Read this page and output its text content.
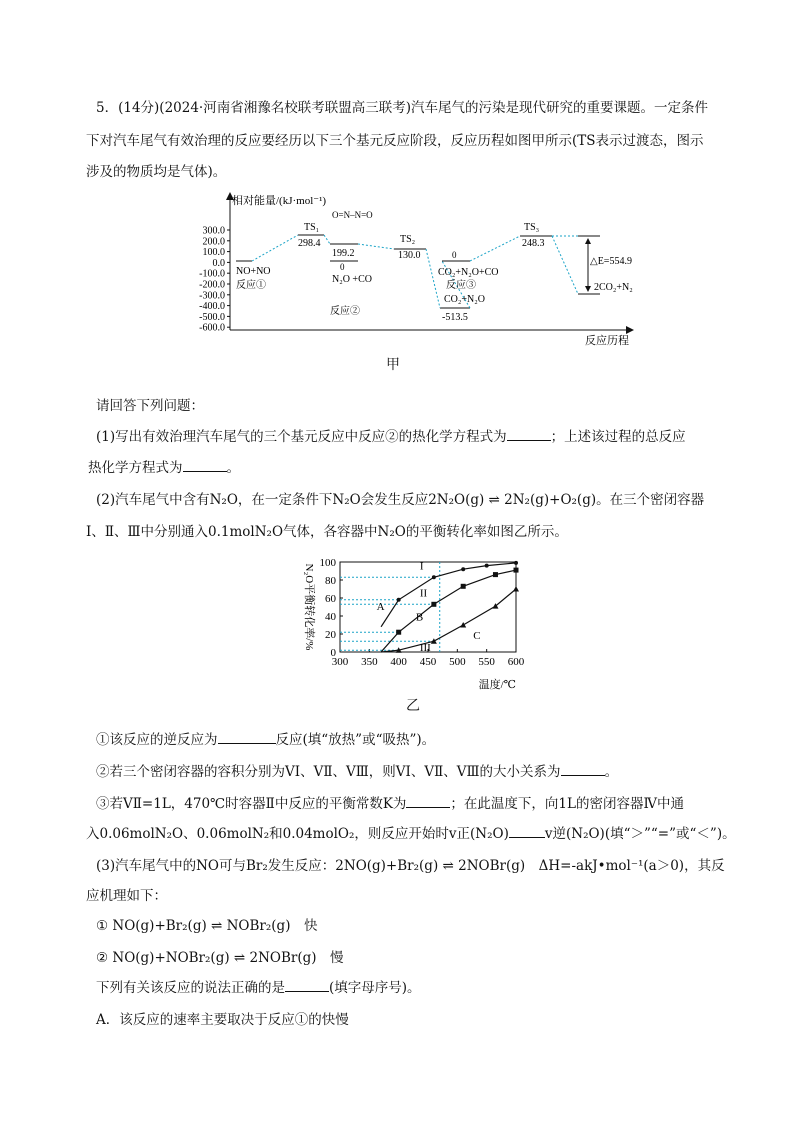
5．(14分)(2024·河南省湘豫名校联考联盟高三联考)汽车尾气的污染是现代研究的重要课题。一定条件
下对汽车尾气有效治理的反应要经历以下三个基元反应阶段，反应历程如图甲所示(TS表示过渡态，图示
涉及的物质均是气体)。
相对能量/(kJ·mol⁻¹)
反应历程
300.0
200.0
100.0
0.0
-100.0
-200.0
-300.0
-400.0
-500.0
-600.0
NO+NO
反应①
TS₁
298.4
O=N–N=O
199.2
TS₂
130.0
0
N₂O +CO
反应②
CO₂+N₂O
-513.5
0
CO₂+N₂O+CO
反应③
TS₃
248.3
2CO₂+N₂
△E=554.9
甲
请回答下列问题：
(1)写出有效治理汽车尾气的三个基元反应中反应②的热化学方程式为	；上述该过程的总反应
热化学方程式为	。
(2)汽车尾气中含有N₂O，在一定条件下N₂O会发生反应2N₂O(g) ⇌ 2N₂(g)+O₂(g)。在三个密闭容器
Ⅰ、Ⅱ、Ⅲ中分别通入0.1molN₂O气体，各容器中N₂O的平衡转化率如图乙所示。
300 350 400 450 500 550 600
0
20
40
60
80
100
N₂O平衡转化率/%
温度/℃
I
II
III
A
B
C
乙
①该反应的逆反应为	反应(填“放热”或“吸热”)。
②若三个密闭容器的容积分别为VⅠ、VⅡ、VⅢ，则VⅠ、VⅡ、VⅢ的大小关系为	。
③若VⅡ=1L，470℃时容器Ⅱ中反应的平衡常数K为	；在此温度下，向1L的密闭容器Ⅳ中通
入0.06molN₂O、0.06molN₂和0.04molO₂，则反应开始时v正(N₂O)	v逆(N₂O)(填“＞”“=”或“＜”)。
(3)汽车尾气中的NO可与Br₂发生反应：2NO(g)+Br₂(g) ⇌ 2NOBr(g)　ΔH=-akJ•mol⁻¹(a＞0)，其反
应机理如下：
① NO(g)+Br₂(g) ⇌ NOBr₂(g)　快
② NO(g)+NOBr₂(g) ⇌ 2NOBr(g)　慢
下列有关该反应的说法正确的是	(填字母序号)。
A．该反应的速率主要取决于反应①的快慢
